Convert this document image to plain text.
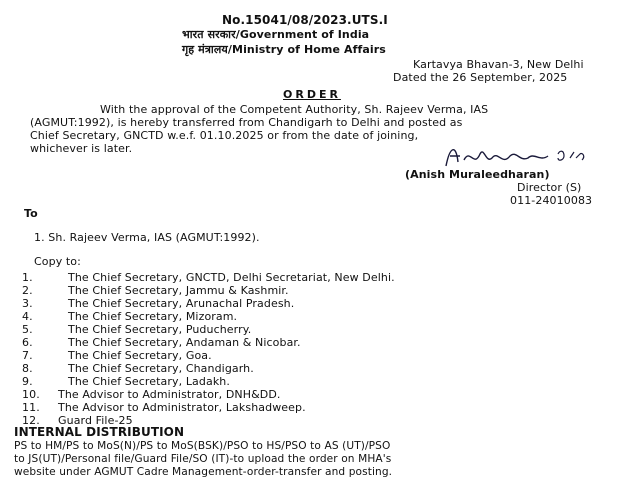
No.15041/08/2023.UTS.I
भारत सरकार/Government of India
गृह मंत्रालय/Ministry of Home Affairs
Kartavya Bhavan-3, New Delhi
Dated the 26 September, 2025
ORDER
With the approval of the Competent Authority, Sh. Rajeev Verma, IAS
(AGMUT:1992), is hereby transferred from Chandigarh to Delhi and posted as
Chief Secretary, GNCTD w.e.f. 01.10.2025 or from the date of joining,
whichever is later.
(Anish Muraleedharan)
Director (S)
011-24010083
To
1. Sh. Rajeev Verma, IAS (AGMUT:1992).
Copy to:
1.	The Chief Secretary, GNCTD, Delhi Secretariat, New Delhi.
2.	The Chief Secretary, Jammu & Kashmir.
3.	The Chief Secretary, Arunachal Pradesh.
4.	The Chief Secretary, Mizoram.
5.	The Chief Secretary, Puducherry.
6.	The Chief Secretary, Andaman & Nicobar.
7.	The Chief Secretary, Goa.
8.	The Chief Secretary, Chandigarh.
9.	The Chief Secretary, Ladakh.
10. The Advisor to Administrator, DNH&DD.
11. The Advisor to Administrator, Lakshadweep.
12. Guard File-25
INTERNAL DISTRIBUTION
PS to HM/PS to MoS(N)/PS to MoS(BSK)/PSO to HS/PSO to AS (UT)/PSO
to JS(UT)/Personal file/Guard File/SO (IT)-to upload the order on MHA's
website under AGMUT Cadre Management-order-transfer and posting.
